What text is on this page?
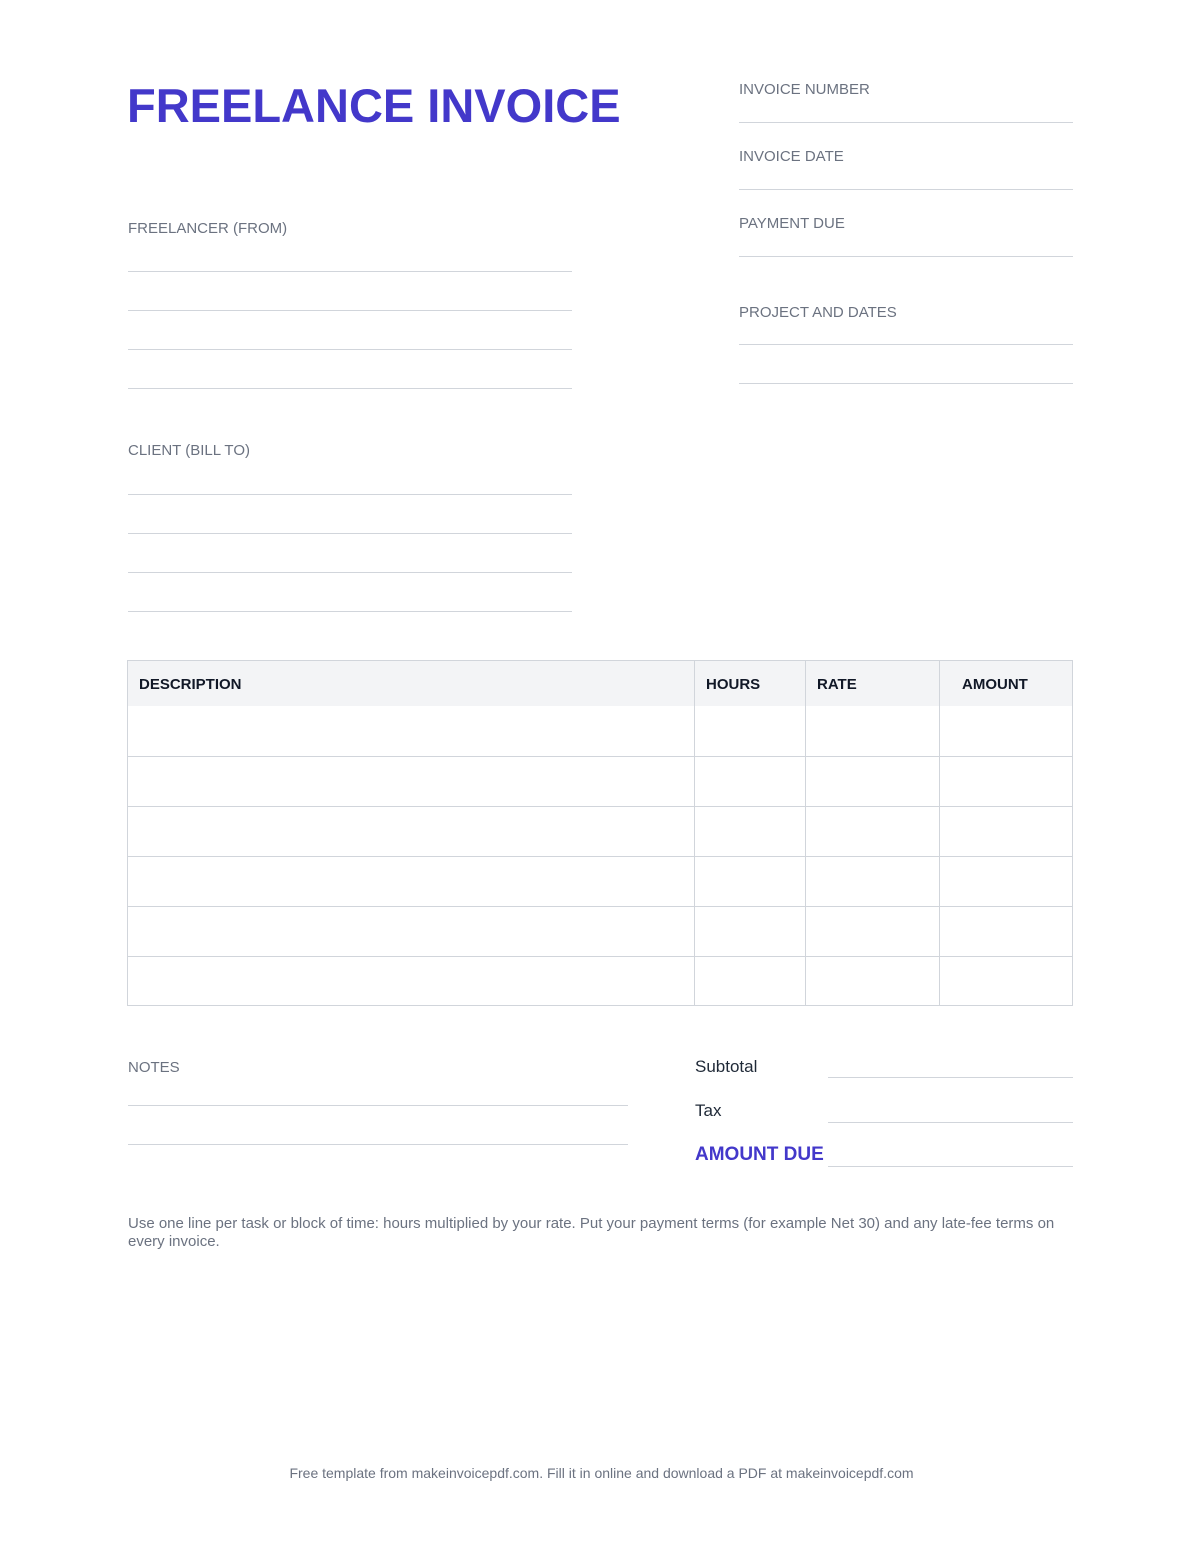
FREELANCE INVOICE	INVOICE NUMBER
INVOICE DATE
PAYMENT DUE
PROJECT AND DATES
FREELANCER (FROM)
CLIENT (BILL TO)
DESCRIPTION	HOURS	RATE	AMOUNT
NOTES	Subtotal
Tax
AMOUNT DUE
Use one line per task or block of time: hours multiplied by your rate. Put your payment terms (for example Net 30) and any late-fee terms on every invoice.
Free template from makeinvoicepdf.com. Fill it in online and download a PDF at makeinvoicepdf.com
